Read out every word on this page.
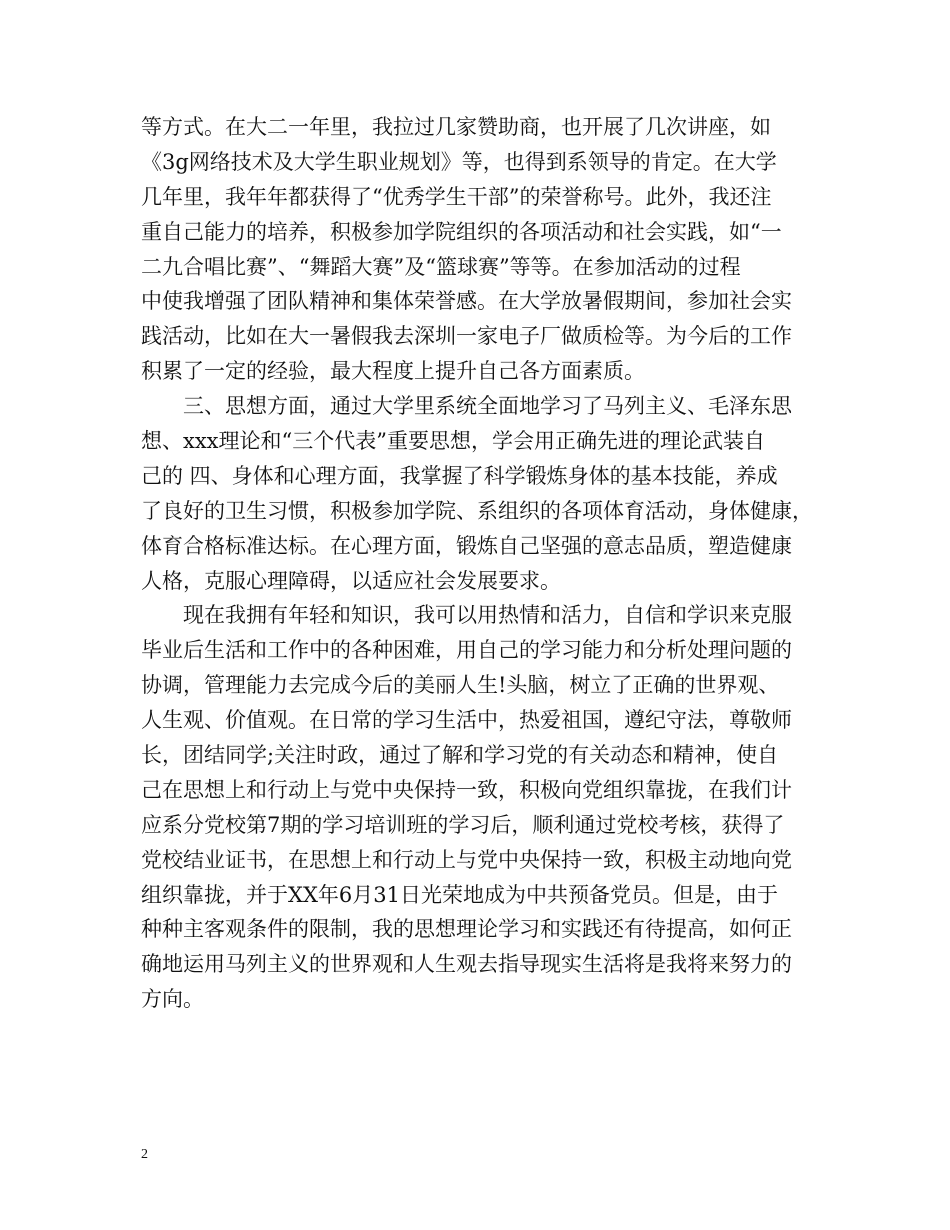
等方式。在大二一年里，我拉过几家赞助商，也开展了几次讲座，如
《3g网络技术及大学生职业规划》等，也得到系领导的肯定。在大学
几年里，我年年都获得了“优秀学生干部”的荣誉称号。此外，我还注
重自己能力的培养，积极参加学院组织的各项活动和社会实践，如“一
二九合唱比赛”、“舞蹈大赛”及“篮球赛”等等。在参加活动的过程
中使我增强了团队精神和集体荣誉感。在大学放暑假期间，参加社会实
践活动，比如在大一暑假我去深圳一家电子厂做质检等。为今后的工作
积累了一定的经验，最大程度上提升自己各方面素质。
三、思想方面，通过大学里系统全面地学习了马列主义、毛泽东思
想、xxx理论和“三个代表”重要思想，学会用正确先进的理论武装自
己的 四、身体和心理方面，我掌握了科学锻炼身体的基本技能，养成
了良好的卫生习惯，积极参加学院、系组织的各项体育活动，身体健康，
体育合格标准达标。在心理方面，锻炼自己坚强的意志品质，塑造健康
人格，克服心理障碍，以适应社会发展要求。
现在我拥有年轻和知识，我可以用热情和活力，自信和学识来克服
毕业后生活和工作中的各种困难，用自己的学习能力和分析处理问题的
协调，管理能力去完成今后的美丽人生!头脑，树立了正确的世界观、
人生观、价值观。在日常的学习生活中，热爱祖国，遵纪守法，尊敬师
长，团结同学;关注时政，通过了解和学习党的有关动态和精神，使自
己在思想上和行动上与党中央保持一致，积极向党组织靠拢，在我们计
应系分党校第7期的学习培训班的学习后，顺利通过党校考核，获得了
党校结业证书，在思想上和行动上与党中央保持一致，积极主动地向党
组织靠拢，并于XX年6月31日光荣地成为中共预备党员。但是，由于
种种主客观条件的限制，我的思想理论学习和实践还有待提高，如何正
确地运用马列主义的世界观和人生观去指导现实生活将是我将来努力的
方向。
2
